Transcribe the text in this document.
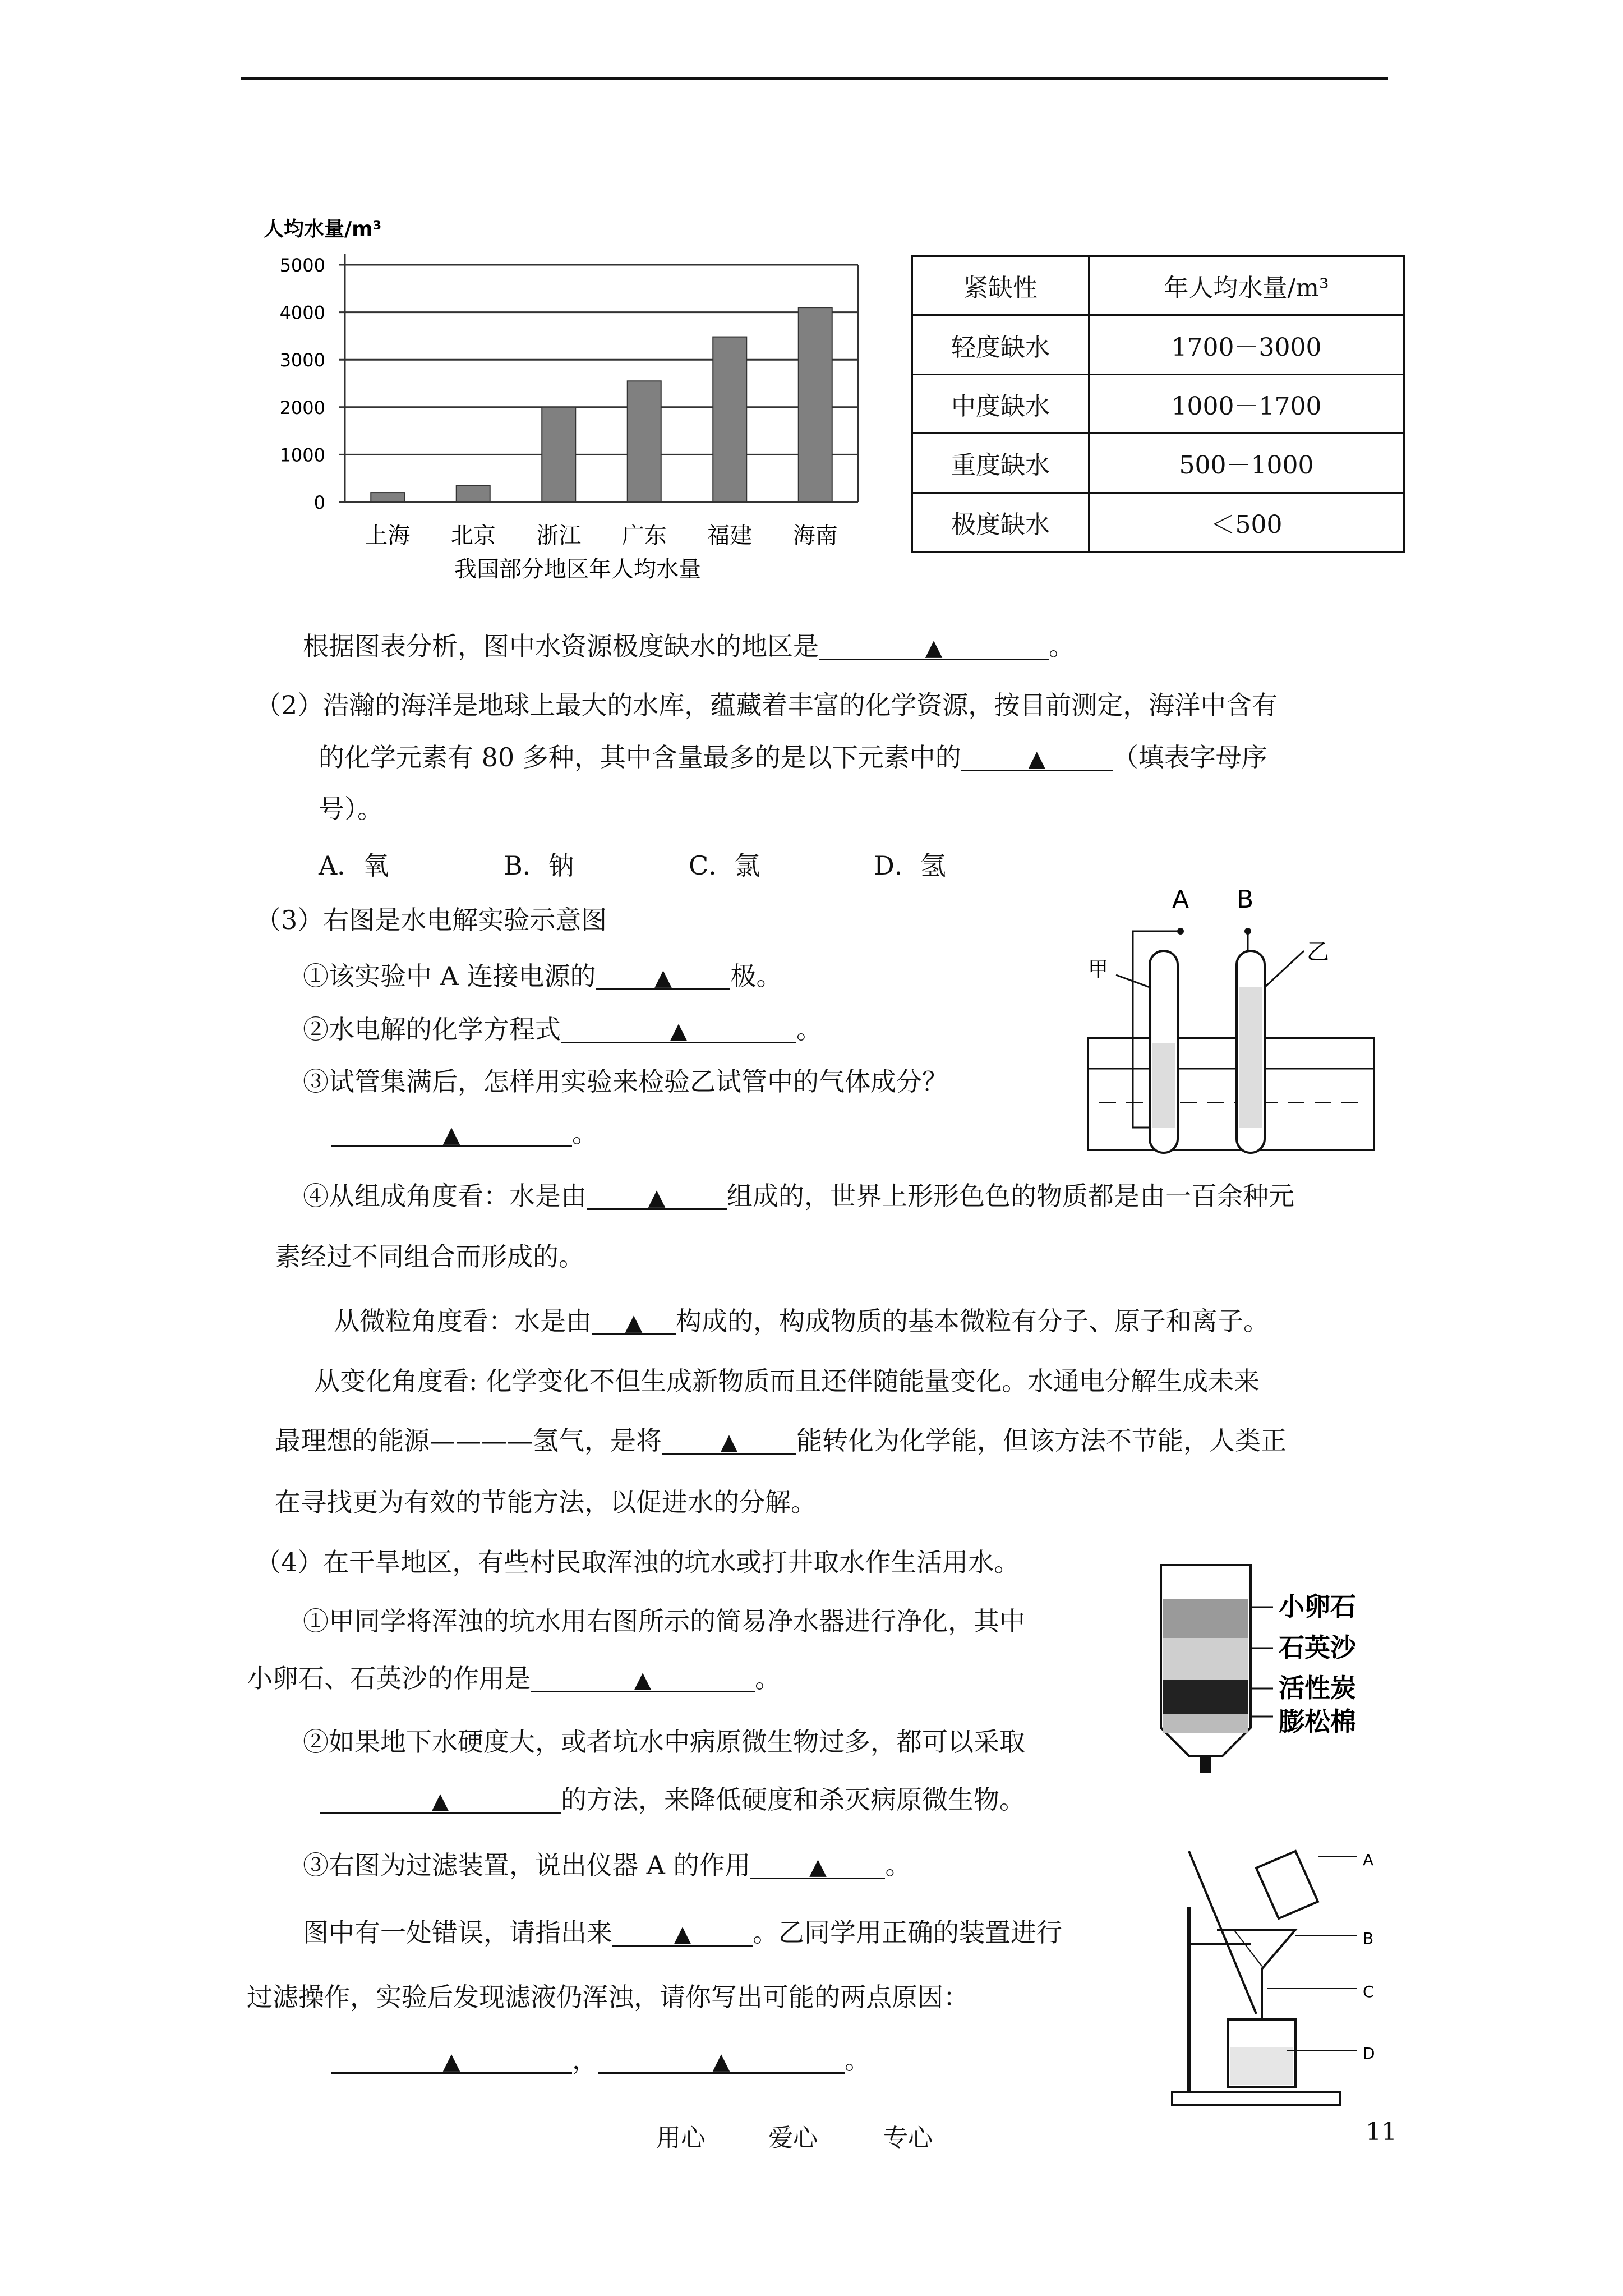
人均水量/m³
0
1000
2000
3000
4000
5000
上海 北京 浙江 广东 福建 海南
我国部分地区年人均水量
紧缺性	年人均水量/m³
轻度缺水	1700－3000
中度缺水	1000－1700
重度缺水	500－1000
极度缺水	＜500
根据图表分析，图中水资源极度缺水的地区是	▲	。
（2）浩瀚的海洋是地球上最大的水库，蕴藏着丰富的化学资源，按目前测定，海洋中含有
的化学元素有 80 多种，其中含量最多的是以下元素中的	▲	（填表字母序
号）。
A．氧	B．钠	C．氯	D．氢
（3）右图是水电解实验示意图
①该实验中 A 连接电源的	▲ 极。
②水电解的化学方程式	▲	。
③试管集满后，怎样用实验来检验乙试管中的气体成分？
▲	。
④从组成角度看：水是由	▲ 组成的，世界上形形色色的物质都是由一百余种元
素经过不同组合而形成的。
从微粒角度看：水是由 ▲ 构成的，构成物质的基本微粒有分子、原子和离子。
从变化角度看: 化学变化不但生成新物质而且还伴随能量变化。水通电分解生成未来
最理想的能源————氢气，是将	▲ 能转化为化学能，但该方法不节能，人类正
在寻找更为有效的节能方法，以促进水的分解。
（4）在干旱地区，有些村民取浑浊的坑水或打井取水作生活用水。
①甲同学将浑浊的坑水用右图所示的简易净水器进行净化，其中
小卵石、石英沙的作用是	▲	。
②如果地下水硬度大，或者坑水中病原微生物过多，都可以采取
▲	的方法，来降低硬度和杀灭病原微生物。
③右图为过滤装置，说出仪器 A 的作用	▲ 。
图中有一处错误，请指出来	▲ 。乙同学用正确的装置进行
过滤操作，实验后发现滤液仍浑浊，请你写出可能的两点原因：
▲	，	▲	。
A B
甲
乙
小卵石
石英沙
活性炭
膨松棉
A
B
C
D
用心	爱心	专心	11
